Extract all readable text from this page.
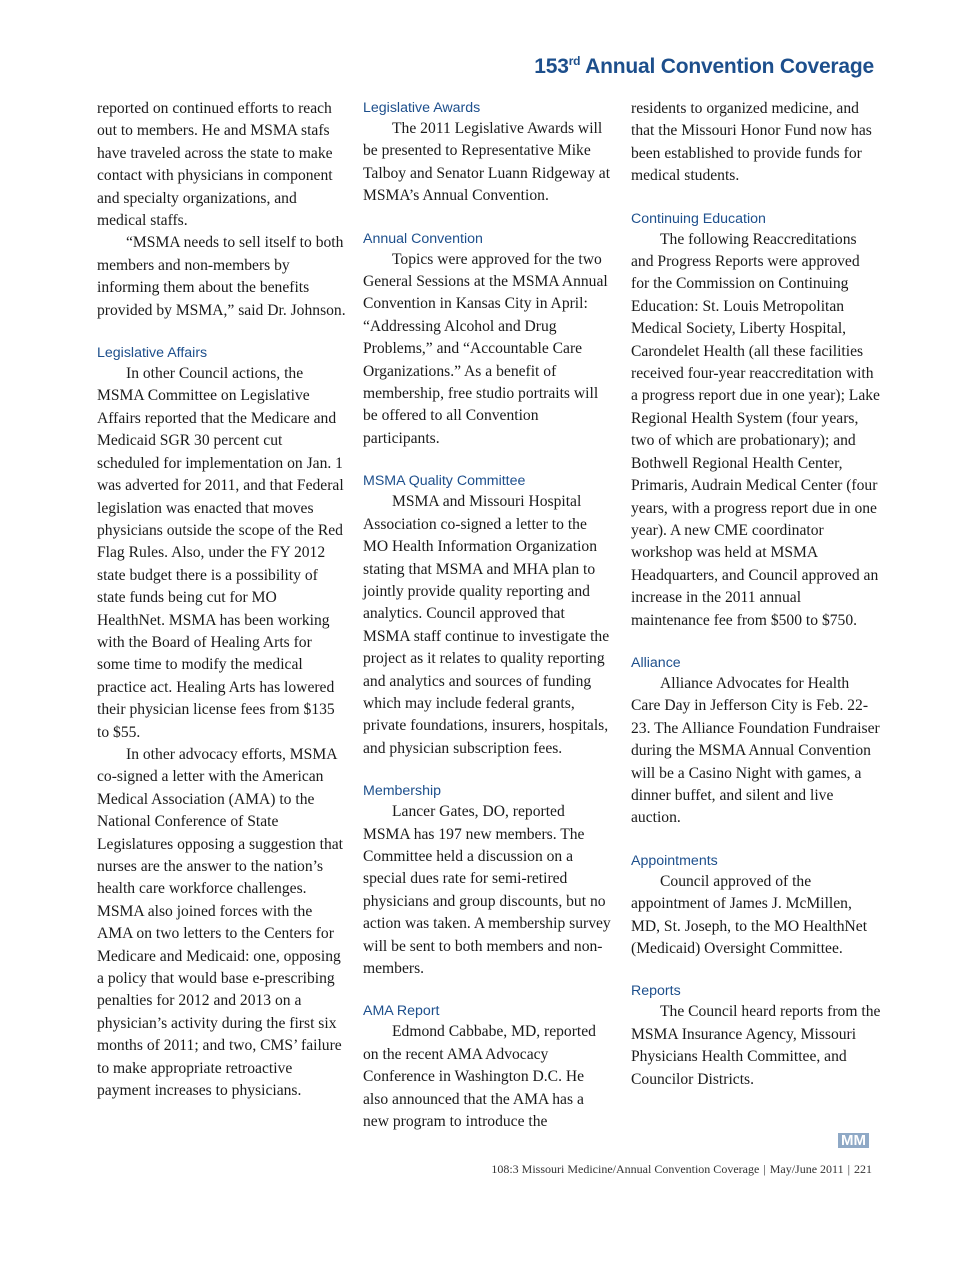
153rd Annual Convention Coverage

reported on continued efforts to reach out to members. He and MSMA stafs have traveled across the state to make contact with physicians in component and specialty organizations, and medical staffs.

“MSMA needs to sell itself to both members and non-members by informing them about the benefits provided by MSMA,” said Dr. Johnson.

Legislative Affairs

In other Council actions, the MSMA Committee on Legislative Affairs reported that the Medicare and Medicaid SGR 30 percent cut scheduled for implementation on Jan. 1 was adverted for 2011, and that Federal legislation was enacted that moves physicians outside the scope of the Red Flag Rules. Also, under the FY 2012 state budget there is a possibility of state funds being cut for MO HealthNet. MSMA has been working with the Board of Healing Arts for some time to modify the medical practice act. Healing Arts has lowered their physician license fees from $135 to $55.

In other advocacy efforts, MSMA co-signed a letter with the American Medical Association (AMA) to the National Conference of State Legislatures opposing a suggestion that nurses are the answer to the nation’s health care workforce challenges. MSMA also joined forces with the AMA on two letters to the Centers for Medicare and Medicaid: one, opposing a policy that would base e-prescribing penalties for 2012 and 2013 on a physician’s activity during the first six months of 2011; and two, CMS’ failure to make appropriate retroactive payment increases to physicians.

Legislative Awards

The 2011 Legislative Awards will be presented to Representative Mike Talboy and Senator Luann Ridgeway at MSMA’s Annual Convention.

Annual Convention

Topics were approved for the two General Sessions at the MSMA Annual Convention in Kansas City in April: “Addressing Alcohol and Drug Problems,” and “Accountable Care Organizations.” As a benefit of membership, free studio portraits will be offered to all Convention participants.

MSMA Quality Committee

MSMA and Missouri Hospital Association co-signed a letter to the MO Health Information Organization stating that MSMA and MHA plan to jointly provide quality reporting and analytics. Council approved that MSMA staff continue to investigate the project as it relates to quality reporting and analytics and sources of funding which may include federal grants, private foundations, insurers, hospitals, and physician subscription fees.

Membership

Lancer Gates, DO, reported MSMA has 197 new members. The Committee held a discussion on a special dues rate for semi-retired physicians and group discounts, but no action was taken. A membership survey will be sent to both members and non-members.

AMA Report

Edmond Cabbabe, MD, reported on the recent AMA Advocacy Conference in Washington D.C. He also announced that the AMA has a new program to introduce the

residents to organized medicine, and that the Missouri Honor Fund now has been established to provide funds for medical students.

Continuing Education

The following Reaccreditations and Progress Reports were approved for the Commission on Continuing Education: St. Louis Metropolitan Medical Society, Liberty Hospital, Carondelet Health (all these facilities received four-year reaccreditation with a progress report due in one year); Lake Regional Health System (four years, two of which are probationary); and Bothwell Regional Health Center, Primaris, Audrain Medical Center (four years, with a progress report due in one year). A new CME coordinator workshop was held at MSMA Headquarters, and Council approved an increase in the 2011 annual maintenance fee from $500 to $750.

Alliance

Alliance Advocates for Health Care Day in Jefferson City is Feb. 22-23. The Alliance Foundation Fundraiser during the MSMA Annual Convention will be a Casino Night with games, a dinner buffet, and silent and live auction.

Appointments

Council approved of the appointment of James J. McMillen, MD, St. Joseph, to the MO HealthNet (Medicaid) Oversight Committee.

Reports

The Council heard reports from the MSMA Insurance Agency, Missouri Physicians Health Committee, and Councilor Districts.

MM
108:3 Missouri Medicine/Annual Convention Coverage | May/June 2011 | 221
